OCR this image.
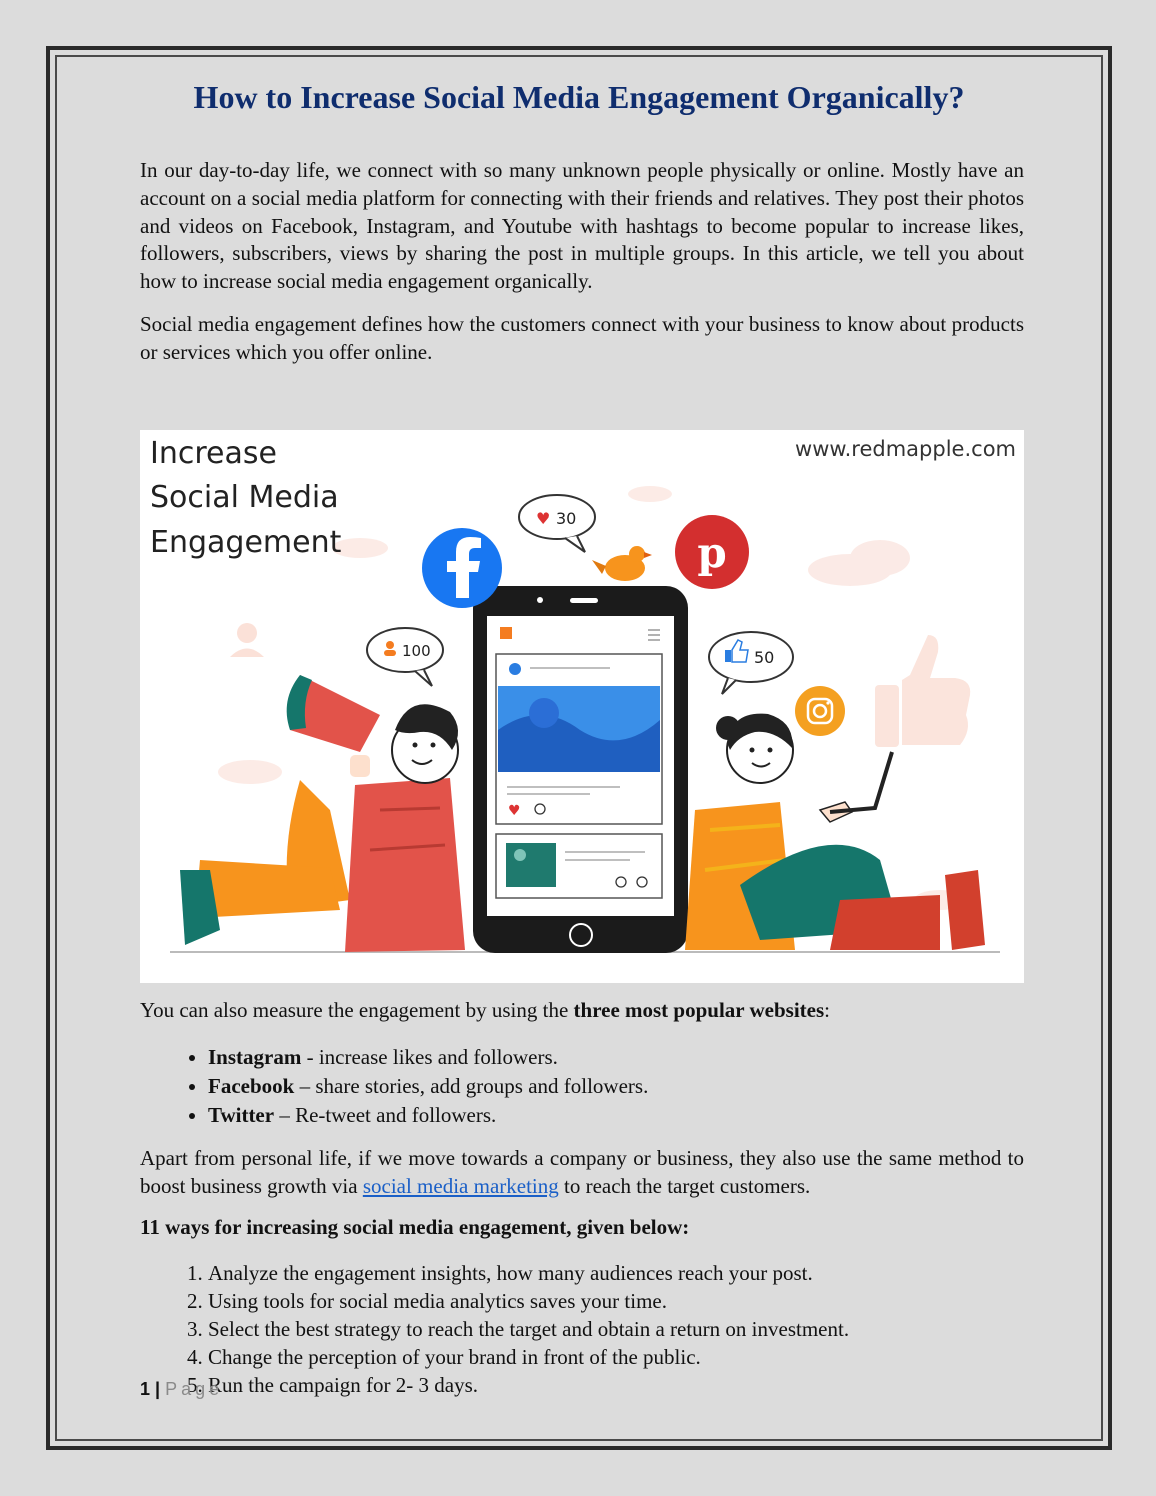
How to Increase Social Media Engagement Organically?

In our day-to-day life, we connect with so many unknown people physically or online. Mostly have an account on a social media platform for connecting with their friends and relatives. They post their photos and videos on Facebook, Instagram, and Youtube with hashtags to become popular to increase likes, followers, subscribers, views by sharing the post in multiple groups. In this article, we tell you about how to increase social media engagement organically.

Social media engagement defines how the customers connect with your business to know about products or services which you offer online.

Increase
Social Media
Engagement
www.redmapple.com
♥
p
♥ 30
100	50

You can also measure the engagement by using the three most popular websites:

• Instagram - increase likes and followers.
• Facebook – share stories, add groups and followers.
• Twitter – Re-tweet and followers.

Apart from personal life, if we move towards a company or business, they also use the same method to boost business growth via social media marketing to reach the target customers.

11 ways for increasing social media engagement, given below:

1. Analyze the engagement insights, how many audiences reach your post.
2. Using tools for social media analytics saves your time.
3. Select the best strategy to reach the target and obtain a return on investment.
4. Change the perception of your brand in front of the public.
5. Run the campaign for 2- 3 days.
1 | Page
